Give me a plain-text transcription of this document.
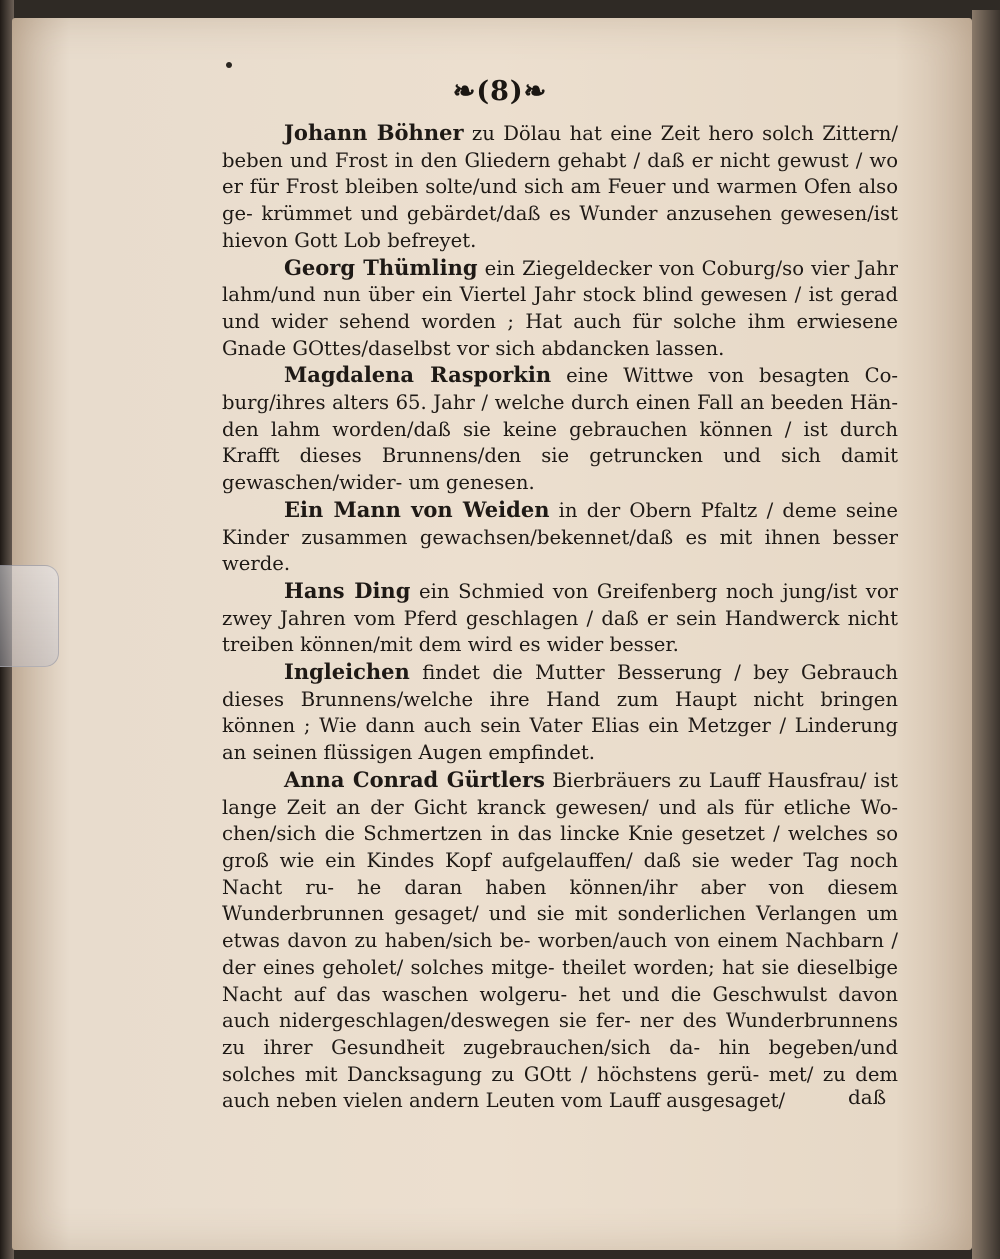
❧(8)❧

Johann Böhner zu Dölau hat eine Zeit hero solch Zittern/ beben und Frost in den Gliedern gehabt / daß er nicht gewust / wo er für Frost bleiben solte/und sich am Feuer und warmen Ofen also ge- krümmet und gebärdet/daß es Wunder anzusehen gewesen/ist hievon Gott Lob befreyet.

Georg Thümling ein Ziegeldecker von Coburg/so vier Jahr lahm/und nun über ein Viertel Jahr stock blind gewesen / ist gerad und wider sehend worden ; Hat auch für solche ihm erwiesene Gnade GOttes/daselbst vor sich abdancken lassen.

Magdalena Rasporkin eine Wittwe von besagten Co- burg/ihres alters 65. Jahr / welche durch einen Fall an beeden Hän- den lahm worden/daß sie keine gebrauchen können / ist durch Krafft dieses Brunnens/den sie getruncken und sich damit gewaschen/wider- um genesen.

Ein Mann von Weiden in der Obern Pfaltz / deme seine Kinder zusammen gewachsen/bekennet/daß es mit ihnen besser werde.

Hans Ding ein Schmied von Greifenberg noch jung/ist vor zwey Jahren vom Pferd geschlagen / daß er sein Handwerck nicht treiben können/mit dem wird es wider besser.

Ingleichen findet die Mutter Besserung / bey Gebrauch dieses Brunnens/welche ihre Hand zum Haupt nicht bringen können ; Wie dann auch sein Vater Elias ein Metzger / Linderung an seinen flüssigen Augen empfindet.

Anna Conrad Gürtlers Bierbräuers zu Lauff Hausfrau/ ist lange Zeit an der Gicht kranck gewesen/ und als für etliche Wo- chen/sich die Schmertzen in das lincke Knie gesetzet / welches so groß wie ein Kindes Kopf aufgelauffen/ daß sie weder Tag noch Nacht ru- he daran haben können/ihr aber von diesem Wunderbrunnen gesaget/ und sie mit sonderlichen Verlangen um etwas davon zu haben/sich be- worben/auch von einem Nachbarn / der eines geholet/ solches mitge- theilet worden; hat sie dieselbige Nacht auf das waschen wolgeru- het und die Geschwulst davon auch nidergeschlagen/deswegen sie fer- ner des Wunderbrunnens zu ihrer Gesundheit zugebrauchen/sich da- hin begeben/und solches mit Dancksagung zu GOtt / höchstens gerü- met/ zu dem auch neben vielen andern Leuten vom Lauff ausgesaget/	daß
